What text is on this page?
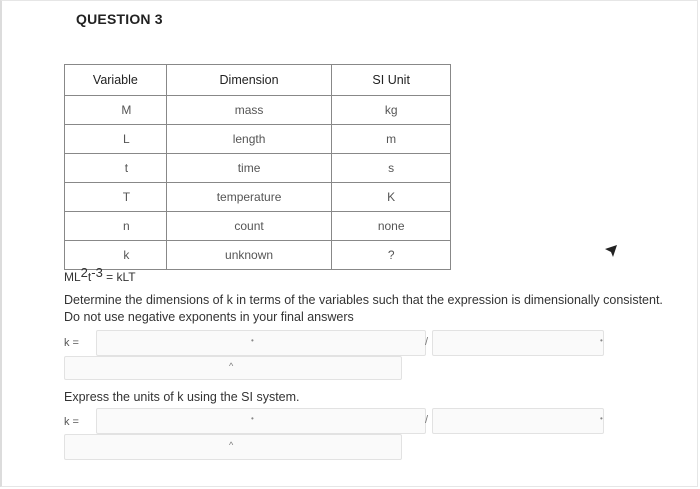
QUESTION 3
Variable	Dimension	SI Unit
M	mass	kg
L	length	m
t	time	s
T	temperature	K
n	count	none
k	unknown	?
$ML^2t^{-3}$ = kLT
Determine the dimensions of k in terms of the variables such that the expression is dimensionally consistent.
Do not use negative exponents in your final answers
k =	•	/	•
^
Express the units of k using the SI system.
k =	•	/	•
^
